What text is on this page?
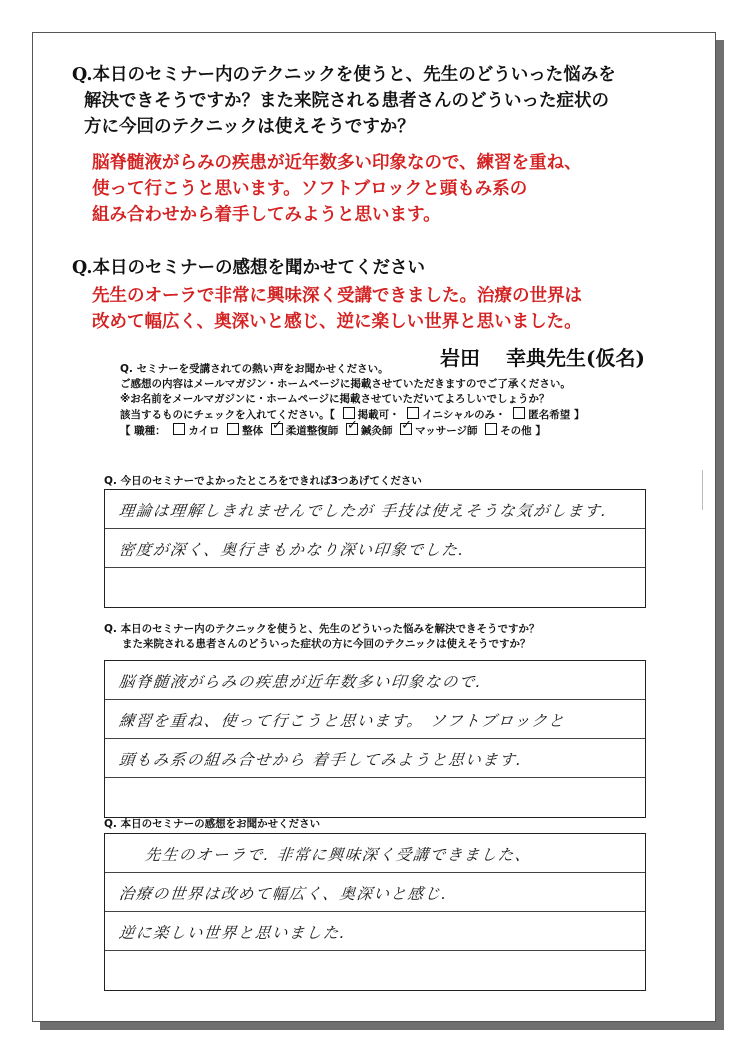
Q.本日のセミナー内のテクニックを使うと、先生のどういった悩みを
解決できそうですか？また来院される患者さんのどういった症状の
方に今回のテクニックは使えそうですか？
脳脊髄液がらみの疾患が近年数多い印象なので、練習を重ね、
使って行こうと思います。ソフトブロックと頭もみ系の
組み合わせから着手してみようと思います。
Q.本日のセミナーの感想を聞かせてください
先生のオーラで非常に興味深く受講できました。治療の世界は
改めて幅広く、奥深いと感じ、逆に楽しい世界と思いました。
岩田 幸典先生(仮名)
Q. セミナーを受講されての熱い声をお聞かせください。
ご感想の内容はメールマガジン・ホームページに掲載させていただきますのでご了承ください。
※お名前をメールマガジンに・ホームページに掲載させていただいてよろしいでしょうか？
該当するものにチェックを入れてください。【 掲載可・ イニシャルのみ・ 匿名希望 】
【 職種： カイロ 整体 ✓ 柔道整復師 ✓ 鍼灸師 ✓ マッサージ師 その他 】
Q. 今日のセミナーでよかったところをできれば3つあげてください
理論は理解しきれませんでしたが 手技は使えそうな気がします.
密度が深く、奥行きもかなり深い印象でした.
Q. 本日のセミナー内のテクニックを使うと、先生のどういった悩みを解決できそうですか？
また来院される患者さんのどういった症状の方に今回のテクニックは使えそうですか？
脳脊髄液がらみの疾患が近年数多い印象なので.
練習を重ね、使って行こうと思います。 ソフトブロックと
頭もみ系の組み合せから 着手してみようと思います.
Q. 本日のセミナーの感想をお聞かせください
先生のオーラで. 非常に興味深く受講できました、
治療の世界は改めて幅広く、奥深いと感じ.
逆に楽しい世界と思いました.
